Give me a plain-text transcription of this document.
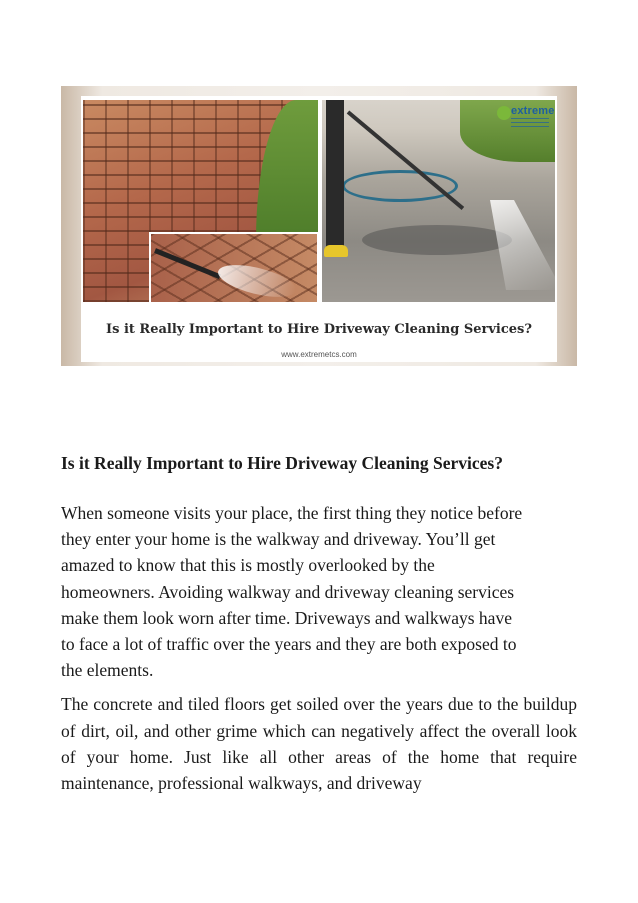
extreme
Is it Really Important to Hire Driveway Cleaning Services?
www.extremetcs.com
Is it Really Important to Hire Driveway Cleaning Services?

When someone visits your place, the first thing they notice before
they enter your home is the walkway and driveway. You’ll get
amazed to know that this is mostly overlooked by the
homeowners. Avoiding walkway and driveway cleaning services
make them look worn after time. Driveways and walkways have
to face a lot of traffic over the years and they are both exposed to
the elements.

The concrete and tiled floors get soiled over the years due to the buildup of dirt, oil, and other grime which can negatively affect the overall look of your home. Just like all other areas of the home that require maintenance, professional walkways, and driveway
